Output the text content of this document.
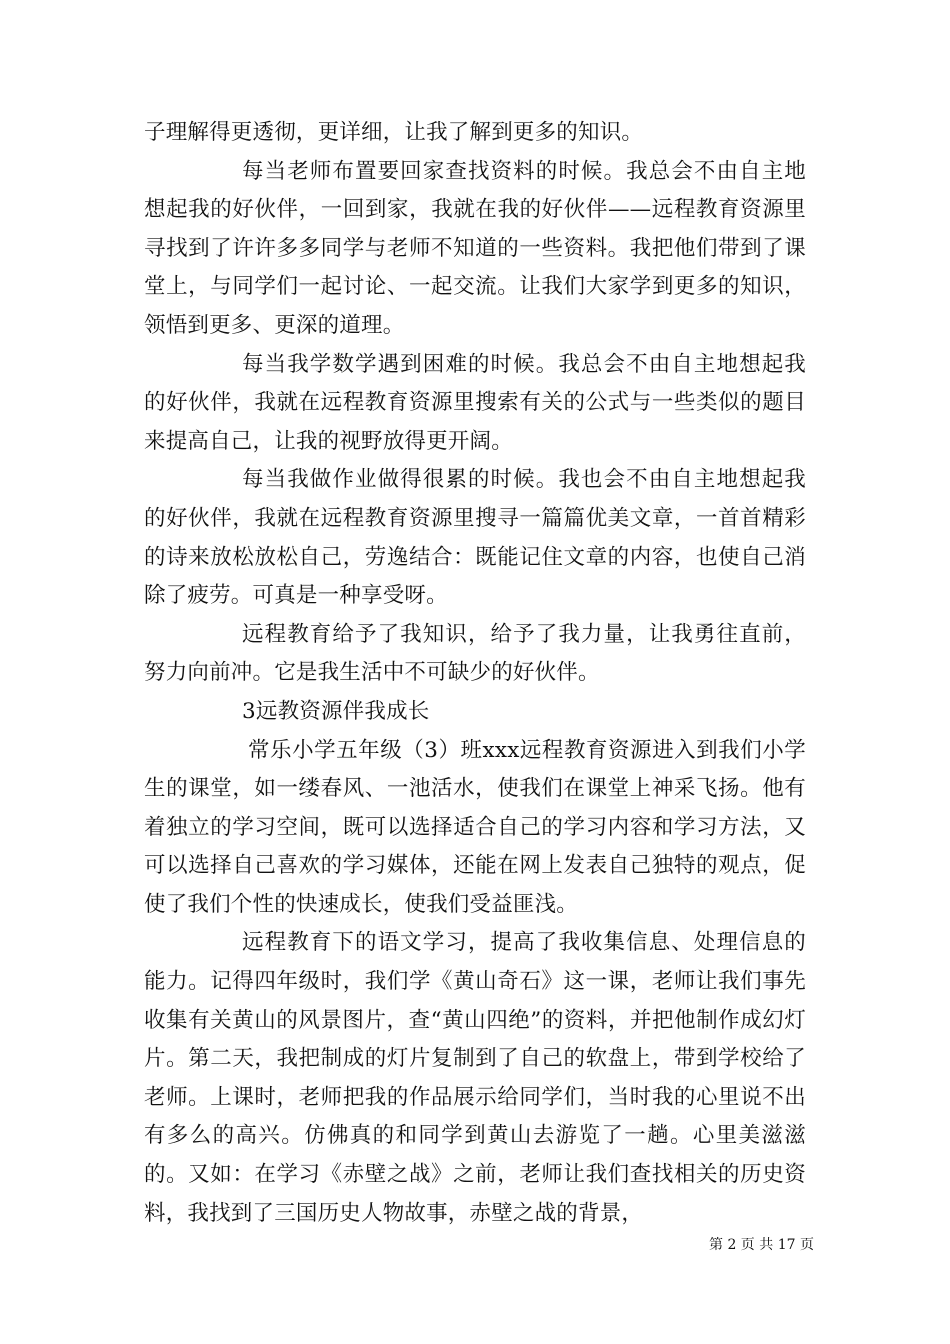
子理解得更透彻，更详细，让我了解到更多的知识。

每当老师布置要回家查找资料的时候。我总会不由自主地想起我的好伙伴，一回到家，我就在我的好伙伴——远程教育资源里寻找到了许许多多同学与老师不知道的一些资料。我把他们带到了课堂上，与同学们一起讨论、一起交流。让我们大家学到更多的知识，领悟到更多、更深的道理。

每当我学数学遇到困难的时候。我总会不由自主地想起我的好伙伴，我就在远程教育资源里搜索有关的公式与一些类似的题目来提高自己，让我的视野放得更开阔。

每当我做作业做得很累的时候。我也会不由自主地想起我的好伙伴，我就在远程教育资源里搜寻一篇篇优美文章，一首首精彩的诗来放松放松自己，劳逸结合：既能记住文章的内容，也使自己消除了疲劳。可真是一种享受呀。

远程教育给予了我知识，给予了我力量，让我勇往直前，努力向前冲。它是我生活中不可缺少的好伙伴。

3远教资源伴我成长

常乐小学五年级（3）班xxx远程教育资源进入到我们小学生的课堂，如一缕春风、一池活水，使我们在课堂上神采飞扬。他有着独立的学习空间，既可以选择适合自己的学习内容和学习方法，又可以选择自己喜欢的学习媒体，还能在网上发表自己独特的观点，促使了我们个性的快速成长，使我们受益匪浅。

远程教育下的语文学习，提高了我收集信息、处理信息的能力。记得四年级时，我们学《黄山奇石》这一课，老师让我们事先收集有关黄山的风景图片，查“黄山四绝”的资料，并把他制作成幻灯片。第二天，我把制成的灯片复制到了自己的软盘上，带到学校给了老师。上课时，老师把我的作品展示给同学们，当时我的心里说不出有多么的高兴。仿佛真的和同学到黄山去游览了一趟。心里美滋滋的。又如：在学习《赤壁之战》之前，老师让我们查找相关的历史资料，我找到了三国历史人物故事，赤壁之战的背景，

第 2 页 共 17 页
